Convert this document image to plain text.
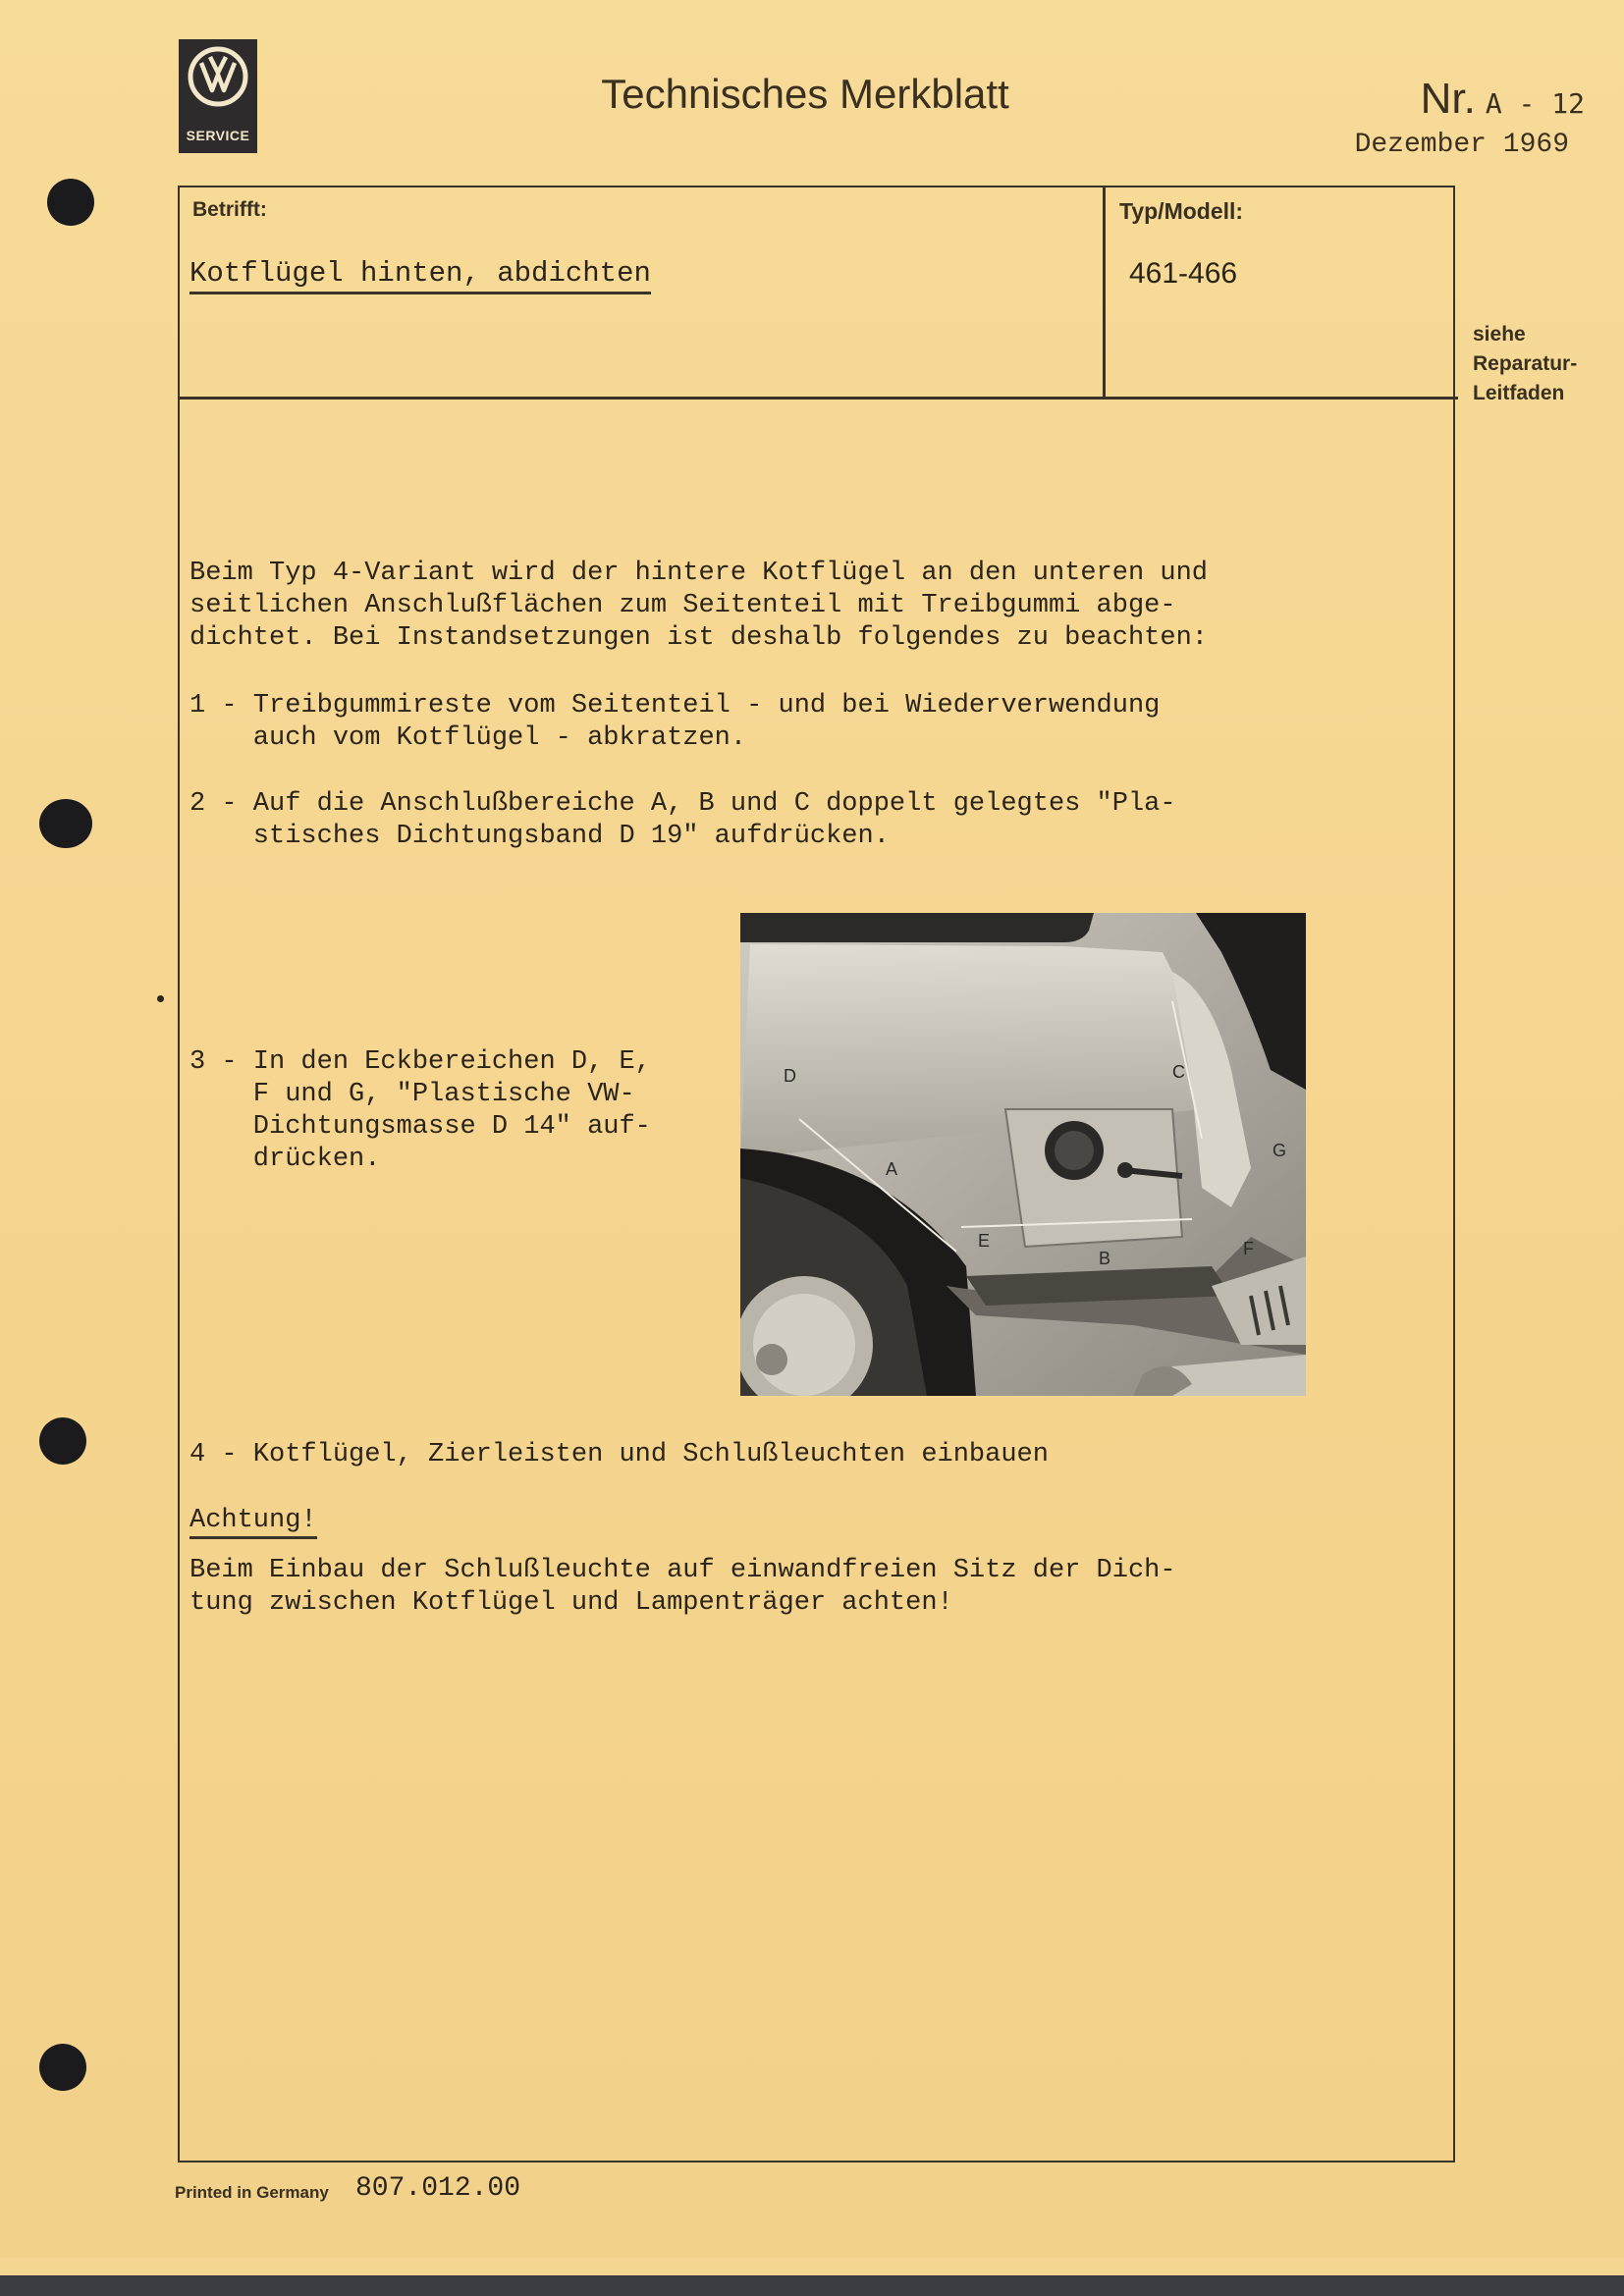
SERVICE
Technisches Merkblatt	Nr. A - 12
Dezember 1969
Betrifft:	Typ/Modell:
Kotflügel hinten, abdichten	461-466
siehe
Reparatur-
Leitfaden
Beim Typ 4-Variant wird der hintere Kotflügel an den unteren und
seitlichen Anschlußflächen zum Seitenteil mit Treibgummi abge-
dichtet. Bei Instandsetzungen ist deshalb folgendes zu beachten:
1 - Treibgummireste vom Seitenteil - und bei Wiederverwendung
auch vom Kotflügel - abkratzen.
2 - Auf die Anschlußbereiche A, B und C doppelt gelegtes "Pla-
stisches Dichtungsband D 19" aufdrücken.
3 - In den Eckbereichen D, E,
F und G, "Plastische VW-
Dichtungsmasse D 14" auf-
drücken.
4 - Kotflügel, Zierleisten und Schlußleuchten einbauen
A
B
C
D
E	F
G
Achtung!
Beim Einbau der Schlußleuchte auf einwandfreien Sitz der Dich-
tung zwischen Kotflügel und Lampenträger achten!
Printed in Germany 807.012.00
